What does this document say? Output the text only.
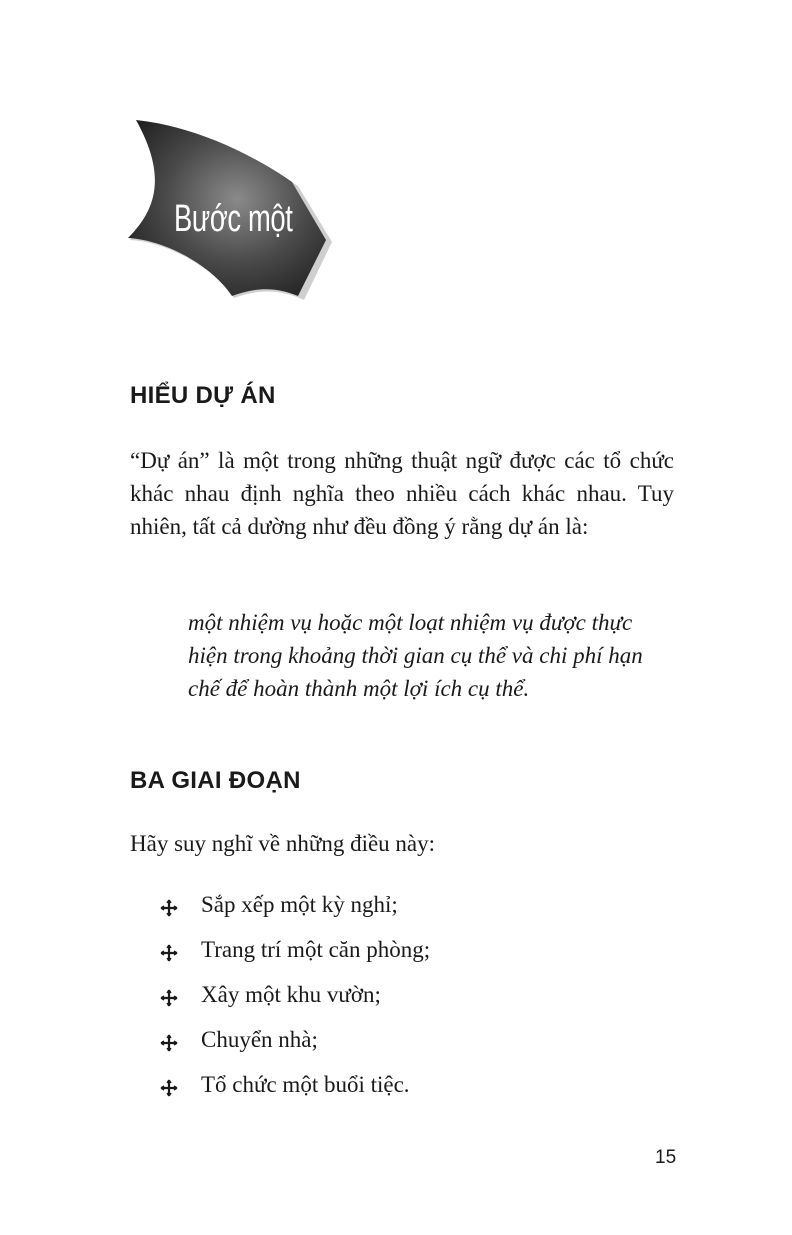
Bước một
HIỂU DỰ ÁN
“Dự án” là một trong những thuật ngữ được các tổ chức khác nhau định nghĩa theo nhiều cách khác nhau. Tuy nhiên, tất cả dường như đều đồng ý rằng dự án là:
một nhiệm vụ hoặc một loạt nhiệm vụ được thực hiện trong khoảng thời gian cụ thể và chi phí hạn chế để hoàn thành một lợi ích cụ thể.
BA GIAI ĐOẠN
Hãy suy nghĩ về những điều này:
Sắp xếp một kỳ nghỉ;
Trang trí một căn phòng;
Xây một khu vườn;
Chuyển nhà;
Tổ chức một buổi tiệc.
15
